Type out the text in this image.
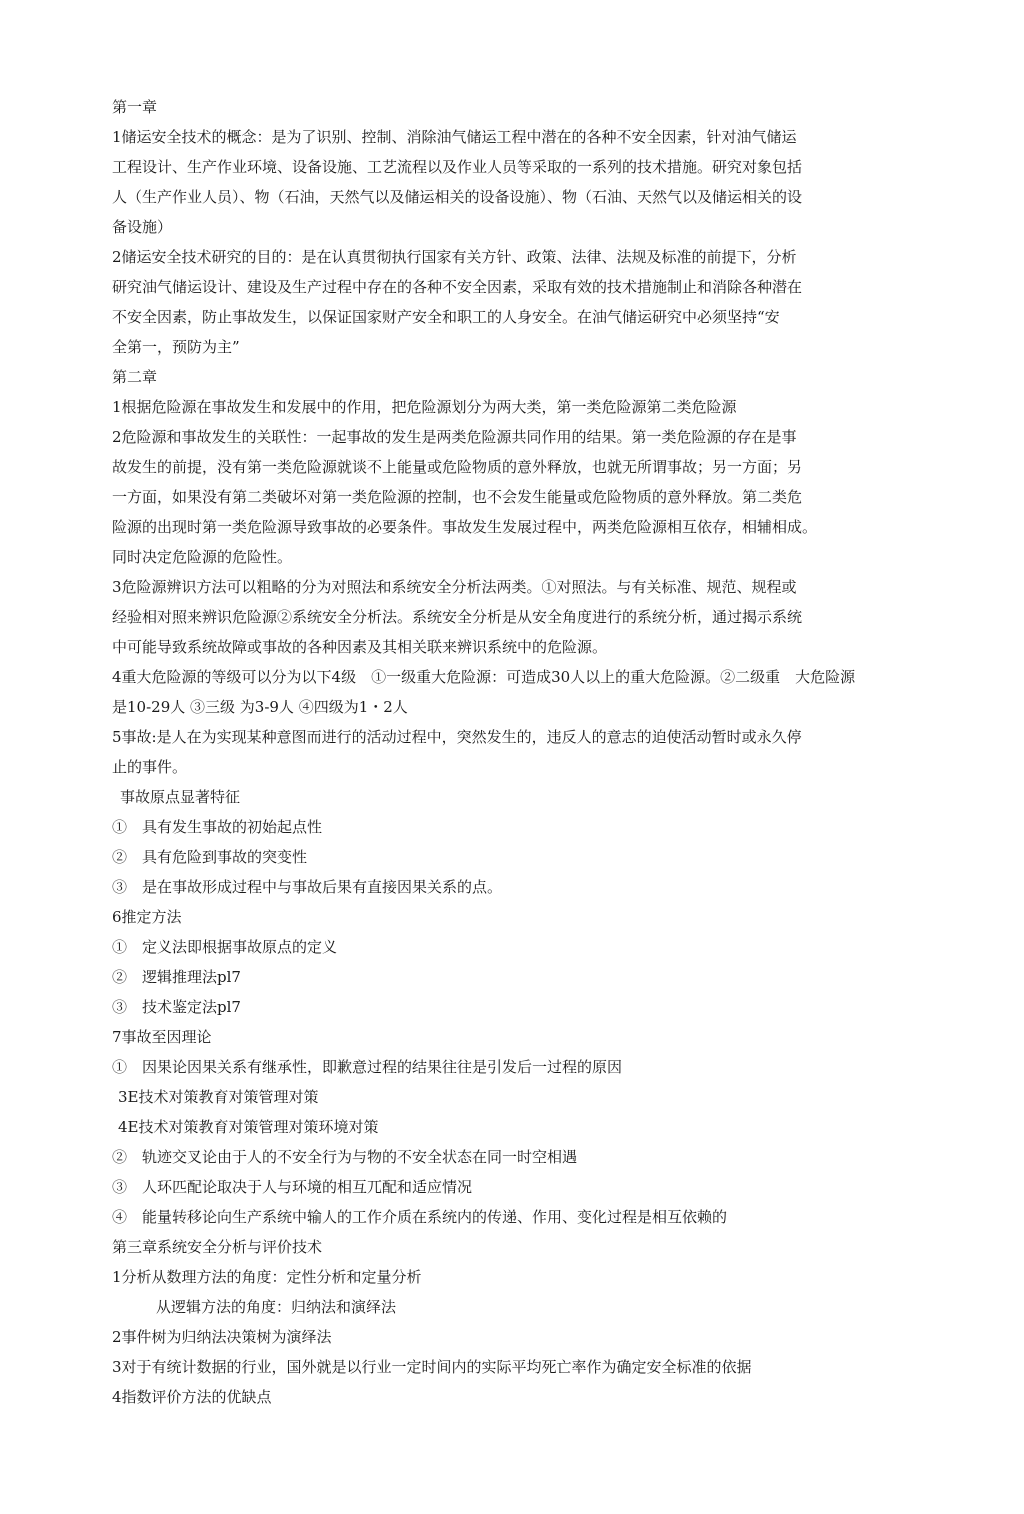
第一章
1储运安全技术的概念：是为了识别、控制、消除油气储运工程中潜在的各种不安全因素，针对油气储运
工程设计、生产作业环境、设备设施、工艺流程以及作业人员等采取的一系列的技术措施。研究对象包括
人（生产作业人员）、物（石油，天然气以及储运相关的设备设施）、物（石油、天然气以及储运相关的设
备设施）
2储运安全技术研究的目的：是在认真贯彻执行国家有关方针、政策、法律、法规及标准的前提下，分析
研究油气储运设计、建设及生产过程中存在的各种不安全因素，采取有效的技术措施制止和消除各种潜在
不安全因素，防止事故发生，以保证国家财产安全和职工的人身安全。在油气储运研究中必须坚持“安
全第一，预防为主”
第二章
1根据危险源在事故发生和发展中的作用，把危险源划分为两大类，第一类危险源第二类危险源
2危险源和事故发生的关联性：一起事故的发生是两类危险源共同作用的结果。第一类危险源的存在是事
故发生的前提，没有第一类危险源就谈不上能量或危险物质的意外释放，也就无所谓事故；另一方面；另
一方面，如果没有第二类破坏对第一类危险源的控制，也不会发生能量或危险物质的意外释放。第二类危
险源的出现时第一类危险源导致事故的必要条件。事故发生发展过程中，两类危险源相互依存，相辅相成。
同时决定危险源的危险性。
3危险源辨识方法可以粗略的分为对照法和系统安全分析法两类。①对照法。与有关标准、规范、规程或
经验相对照来辨识危险源②系统安全分析法。系统安全分析是从安全角度进行的系统分析，通过揭示系统
中可能导致系统故障或事故的各种因素及其相关联来辨识系统中的危险源。
4重大危险源的等级可以分为以下4级　①一级重大危险源：可造成30人以上的重大危险源。②二级重　大危险源
是10-29人 ③三级 为3-9人 ④四级为1・2人
5事故:是人在为实现某种意图而进行的活动过程中，突然发生的，违反人的意志的迫使活动暂时或永久停
止的事件。
事故原点显著特征
①　具有发生事故的初始起点性
②　具有危险到事故的突变性
③　是在事故形成过程中与事故后果有直接因果关系的点。
6推定方法
①　定义法即根据事故原点的定义
②　逻辑推理法pl7
③　技术鉴定法pl7
7事故至因理论
①　因果论因果关系有继承性，即歉意过程的结果往往是引发后一过程的原因
3E技术对策教育对策管理对策
4E技术对策教育对策管理对策环境对策
②　轨迹交叉论由于人的不安全行为与物的不安全状态在同一时空相遇
③　人环匹配论取决于人与环境的相互兀配和适应情况
④　能量转移论向生产系统中输人的工作介质在系统内的传递、作用、变化过程是相互依赖的
第三章系统安全分析与评价技术
1分析从数理方法的角度：定性分析和定量分析
从逻辑方法的角度：归纳法和演绎法
2事件树为归纳法决策树为演绎法
3对于有统计数据的行业，国外就是以行业一定时间内的实际平均死亡率作为确定安全标准的依据
4指数评价方法的优缺点
